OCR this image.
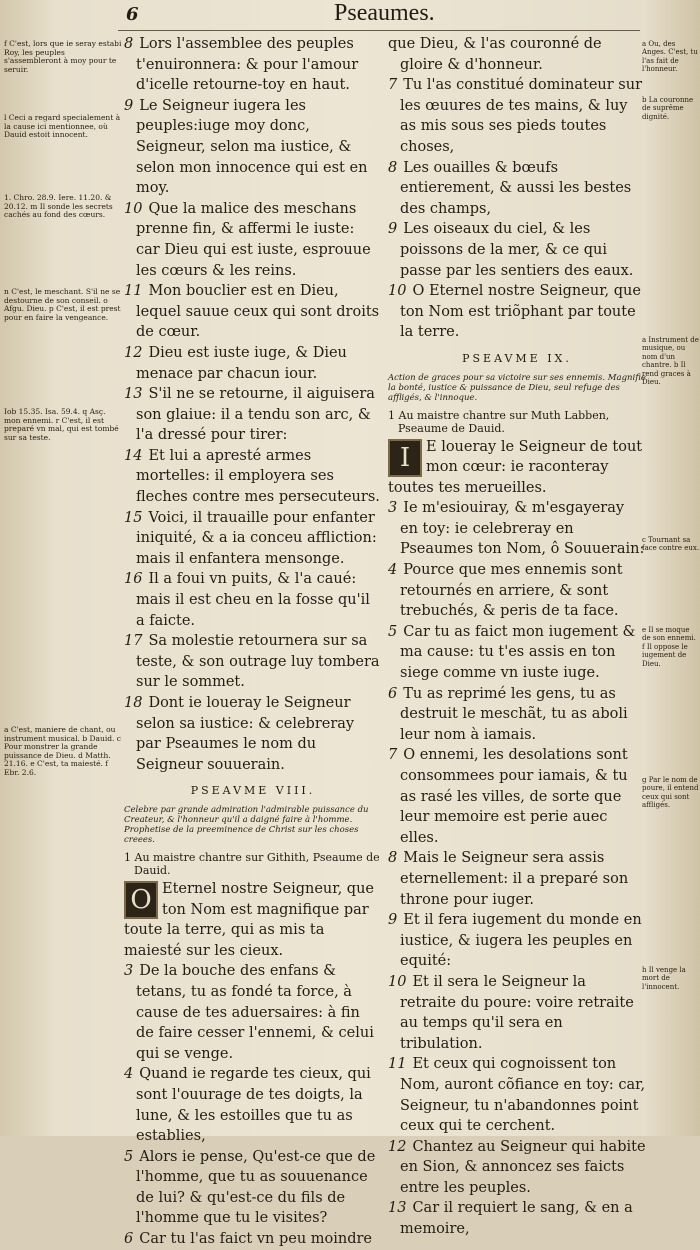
6	Pseaumes.

f C'est, lors que ie seray estabi Roy, les peuples s'assembleront à moy pour te seruir.

l Ceci a regard specialement à la cause ici mentionnee, où Dauid estoit innocent.

1. Chro. 28.9. Iere. 11.20. & 20.12. m Il sonde les secrets cachés au fond des cœurs.

n C'est, le meschant. S'il ne se destourne de son conseil. o Afgu. Dieu. p C'est, il est prest pour en faire la vengeance.

Iob 15.35. Isa. 59.4. q Asç. mon ennemi. r C'est, il est preparé vn mal, qui est tombé sur sa teste.

a C'est, maniere de chant, ou instrument musical. b Dauid. c Pour monstrer la grande puissance de Dieu. d Matth. 21.16. e C'est, ta maiesté. f Ebr. 2.6.

a Ou, des Anges. C'est, tu l'as fait de l'honneur.

b La couronne de suprême dignité.

a Instrument de musique, ou nom d'un chantre. b Il rend graces à Dieu.

c Tournant sa face contre eux.

e Il se moque de son ennemi. f Il oppose le iugement de Dieu.

g Par le nom de poure, il entend ceux qui sont affligés.

h Il venge la mort de l'innocent.

8 Lors l'assemblee des peuples t'enuironnera: & pour l'amour d'icelle retourne-toy en haut.

9 Le Seigneur iugera les peuples:iuge moy donc, Seigneur, selon ma iustice, & selon mon innocence qui est en moy.

10 Que la malice des meschans prenne fin, & affermi le iuste: car Dieu qui est iuste, esprouue les cœurs & les reins.

11 Mon bouclier est en Dieu, lequel sauue ceux qui sont droits de cœur.

12 Dieu est iuste iuge, & Dieu menace par chacun iour.

13 S'il ne se retourne, il aiguisera son glaiue: il a tendu son arc, & l'a dressé pour tirer:

14 Et lui a apresté armes mortelles: il employera ses fleches contre mes persecuteurs.

15 Voici, il trauaille pour enfanter iniquité, & a ia conceu affliction: mais il enfantera mensonge.

16 Il a foui vn puits, & l'a caué: mais il est cheu en la fosse qu'il a faicte.

17 Sa molestie retournera sur sa teste, & son outrage luy tombera sur le sommet.

18 Dont ie loueray le Seigneur selon sa iustice: & celebreray par Pseaumes le nom du Seigneur souuerain.

PSEAVME VIII.

Celebre par grande admiration l'admirable puissance du Createur, & l'honneur qu'il a daigné faire à l'homme. Prophetise de la preeminence de Christ sur les choses creees.

1 Au maistre chantre sur Githith, Pseaume de Dauid.

O Eternel nostre Seigneur, que ton Nom est magnifique par toute la terre, qui as mis ta maiesté sur les cieux.

3 De la bouche des enfans & tetans, tu as fondé ta force, à cause de tes aduersaires: à fin de faire cesser l'ennemi, & celui qui se venge.

4 Quand ie regarde tes cieux, qui sont l'ouurage de tes doigts, la lune, & les estoilles que tu as establies,

5 Alors ie pense, Qu'est-ce que de l'homme, que tu as souuenance de lui? & qu'est-ce du fils de l'homme que tu le visites?

6 Car tu l'as faict vn peu moindre

que Dieu, & l'as couronné de gloire & d'honneur.

7 Tu l'as constitué dominateur sur les œuures de tes mains, & luy as mis sous ses pieds toutes choses,

8 Les ouailles & bœufs entierement, & aussi les bestes des champs,

9 Les oiseaux du ciel, & les poissons de la mer, & ce qui passe par les sentiers des eaux.

10 O Eternel nostre Seigneur, que ton Nom est triõphant par toute la terre.

PSEAVME IX.

Action de graces pour sa victoire sur ses ennemis. Magnifie la bonté, iustice & puissance de Dieu, seul refuge des affligés, & l'innoque.

1 Au maistre chantre sur Muth Labben, Pseaume de Dauid.

I	E loueray le Seigneur de tout mon cœur: ie raconteray toutes tes merueilles.

3 Ie m'esiouiray, & m'esgayeray en toy: ie celebreray en Pseaumes ton Nom, ô Souuerain:

4 Pource que mes ennemis sont retournés en arriere, & sont trebuchés, & peris de ta face.

5 Car tu as faict mon iugement & ma cause: tu t'es assis en ton siege comme vn iuste iuge.

6 Tu as reprimé les gens, tu as destruit le meschãt, tu as aboli leur nom à iamais.

7 O ennemi, les desolations sont consommees pour iamais, & tu as rasé les villes, de sorte que leur memoire est perie auec elles.

8 Mais le Seigneur sera assis eternellement: il a preparé son throne pour iuger.

9 Et il fera iugement du monde en iustice, & iugera les peuples en equité:

10 Et il sera le Seigneur la retraite du poure: voire retraite au temps qu'il sera en tribulation.

11 Et ceux qui cognoissent ton Nom, auront cõfiance en toy: car, Seigneur, tu n'abandonnes point ceux qui te cerchent.

12 Chantez au Seigneur qui habite en Sion, & annoncez ses faicts entre les peuples.

13 Car il requiert le sang, & en a memoire,
